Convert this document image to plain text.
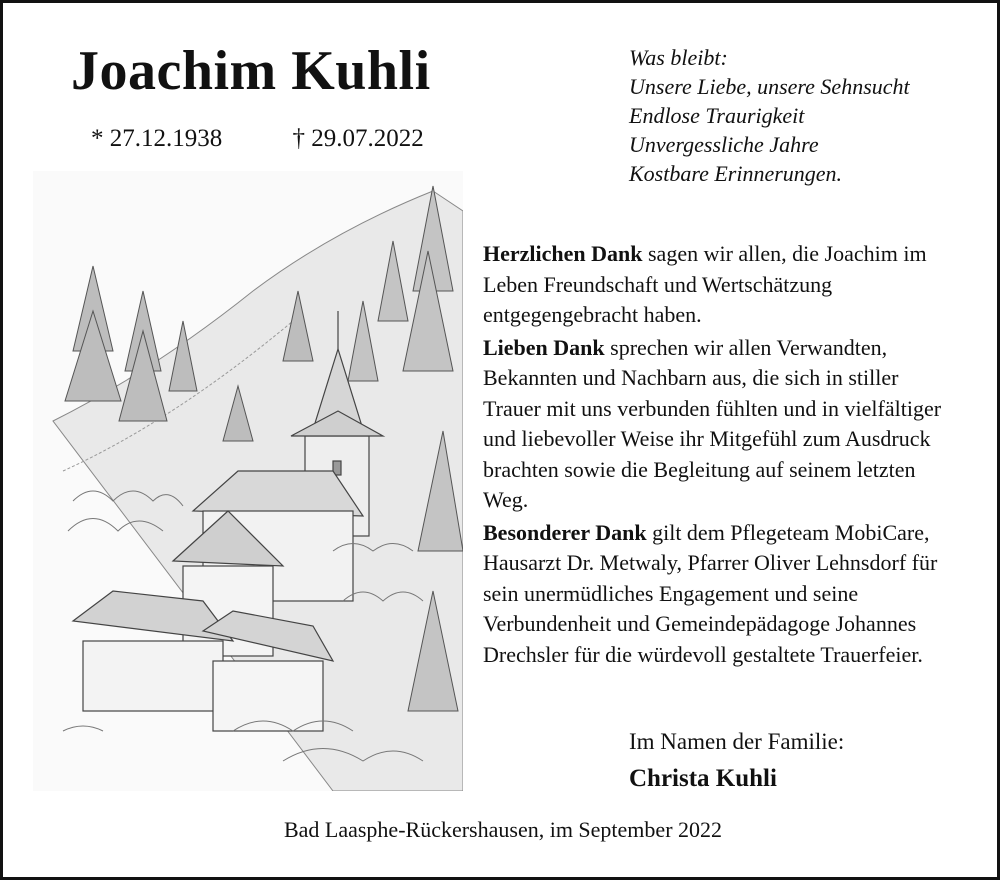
Joachim Kuhli
* 27.12.1938	† 29.07.2022
Was bleibt:
Unsere Liebe, unsere Sehnsucht
Endlose Traurigkeit
Unvergessliche Jahre
Kostbare Erinnerungen.

Herzlichen Dank sagen wir allen, die Joachim im Leben Freundschaft und Wertschätzung entgegengebracht haben.

Lieben Dank sprechen wir allen Verwandten, Bekannten und Nachbarn aus, die sich in stiller Trauer mit uns verbunden fühlten und in vielfältiger und liebevoller Weise ihr Mitgefühl zum Ausdruck brachten sowie die Begleitung auf seinem letzten Weg.

Besonderer Dank gilt dem Pflegeteam MobiCare, Hausarzt Dr. Metwaly, Pfarrer Oliver Lehnsdorf für sein unermüdliches Engagement und seine Verbundenheit und Gemeindepädagoge Johannes Drechsler für die würdevoll gestaltete Trauerfeier.

Im Namen der Familie:
Christa Kuhli
Bad Laasphe-Rückershausen, im September 2022
